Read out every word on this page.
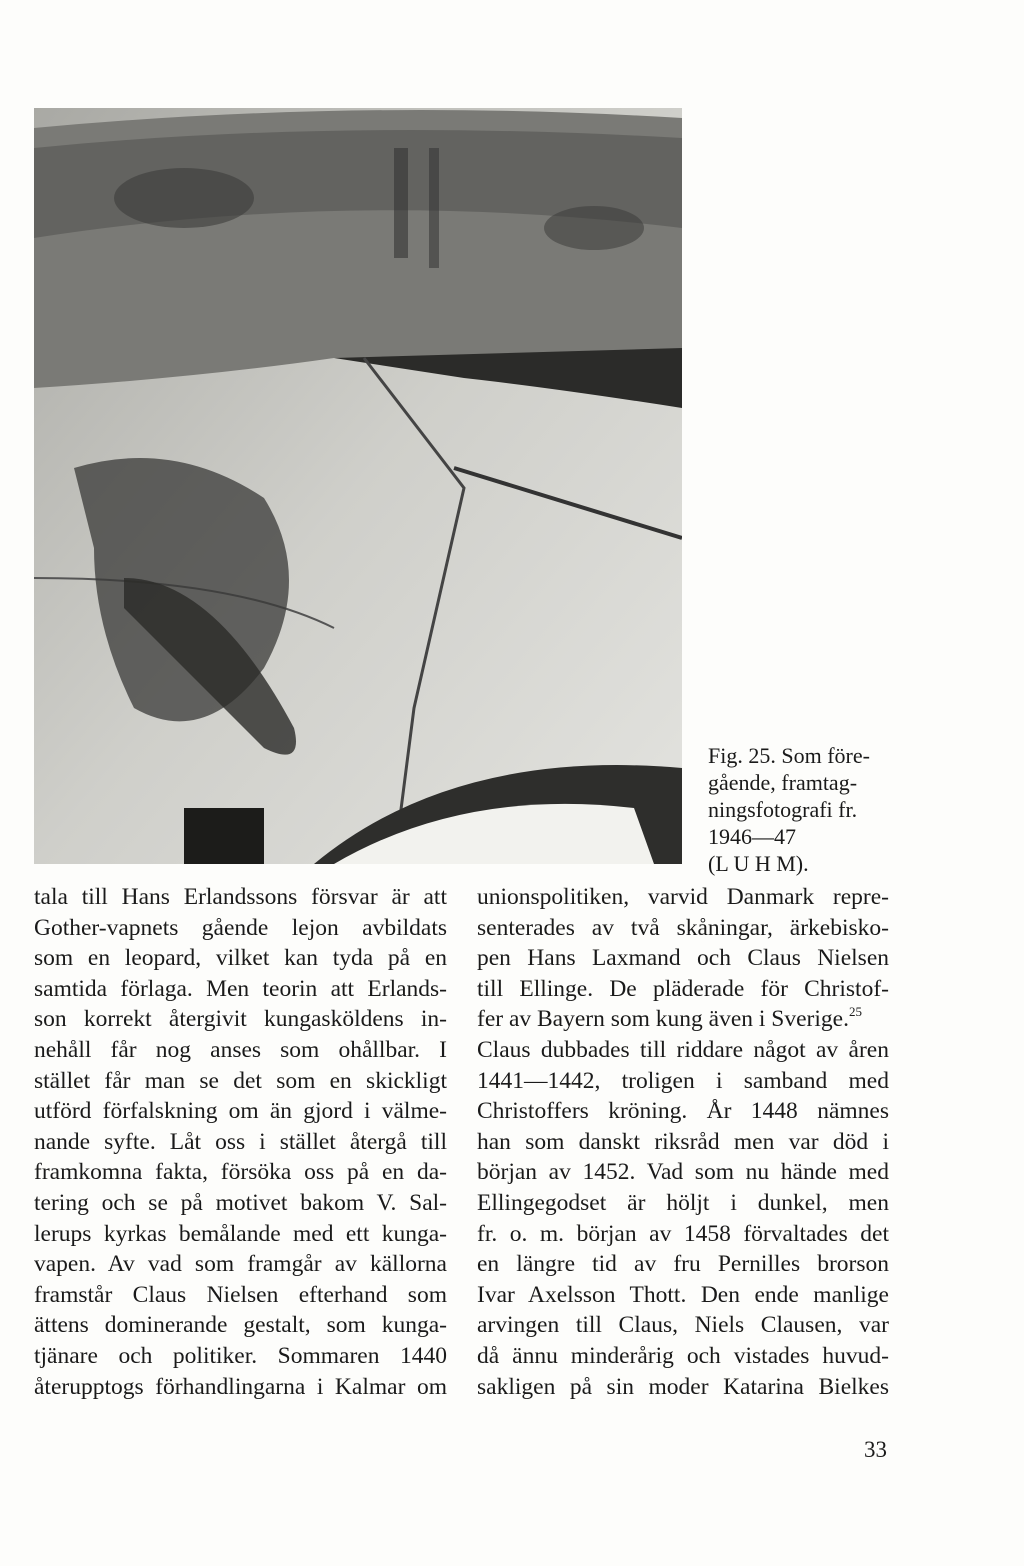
Fig. 25. Som före-
gående, framtag-
ningsfotografi fr.
1946—47
(L U H M).
tala till Hans Erlandssons försvar är att
Gother-vapnets gående lejon avbildats
som en leopard, vilket kan tyda på en
samtida förlaga. Men teorin att Erlands-
son korrekt återgivit kungasköldens in-
nehåll får nog anses som ohållbar. I
stället får man se det som en skickligt
utförd förfalskning om än gjord i välme-
nande syfte. Låt oss i stället återgå till
framkomna fakta, försöka oss på en da-
tering och se på motivet bakom V. Sal-
lerups kyrkas bemålande med ett kunga-
vapen. Av vad som framgår av källorna
framstår Claus Nielsen efterhand som
ättens dominerande gestalt, som kunga-
tjänare och politiker. Sommaren 1440
återupptogs förhandlingarna i Kalmar om
unionspolitiken, varvid Danmark repre-
senterades av två skåningar, ärkebisko-
pen Hans Laxmand och Claus Nielsen
till Ellinge. De pläderade för Christof-
fer av Bayern som kung även i Sverige.$^{25}$
Claus dubbades till riddare något av åren
1441—1442, troligen i samband med
Christoffers kröning. År 1448 nämnes
han som danskt riksråd men var död i
början av 1452. Vad som nu hände med
Ellingegodset är höljt i dunkel, men
fr. o. m. början av 1458 förvaltades det
en längre tid av fru Pernilles brorson
Ivar Axelsson Thott. Den ende manlige
arvingen till Claus, Niels Clausen, var
då ännu minderårig och vistades huvud-
sakligen på sin moder Katarina Bielkes
33
